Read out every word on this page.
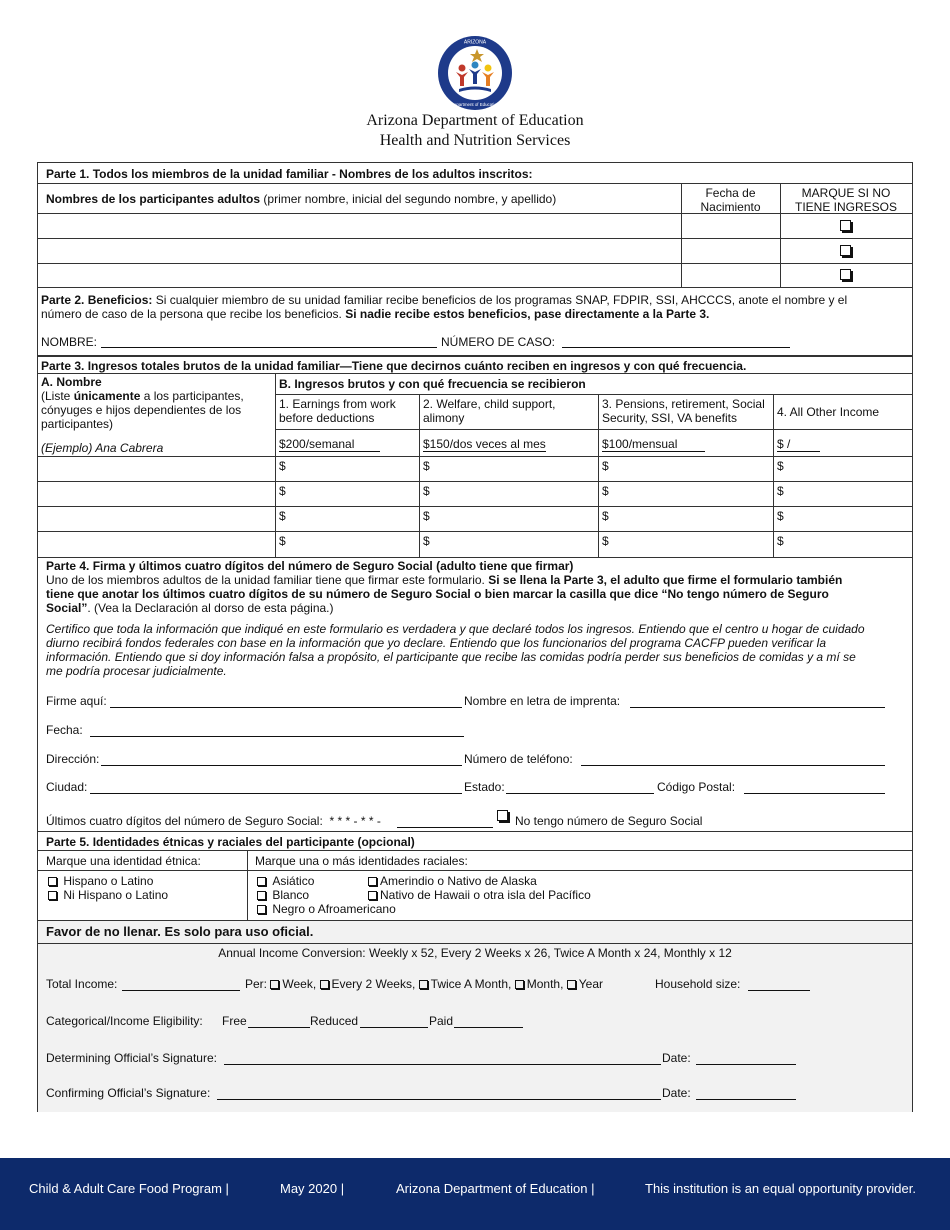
ARIZONA
Department of Education
Arizona Department of Education
Health and Nutrition Services
Parte 1. Todos los miembros de la unidad familiar - Nombres de los adultos inscritos:
Nombres de los participantes adultos (primer nombre, inicial del segundo nombre, y apellido)	Fecha de
Nacimiento
MARQUE SI NO
TIENE INGRESOS
Parte 2. Beneficios: Si cualquier miembro de su unidad familiar recibe beneficios de los programas SNAP, FDPIR, SSI, AHCCCS, anote el nombre y el
número de caso de la persona que recibe los beneficios. Si nadie recibe estos beneficios, pase directamente a la Parte 3.
NOMBRE:	NÚMERO DE CASO:
Parte 3. Ingresos totales brutos de la unidad familiar—Tiene que decirnos cuánto reciben en ingresos y con qué frecuencia.
A. Nombre
(Liste únicamente a los participantes,
cónyuges e hijos dependientes de los
participantes)
B. Ingresos brutos y con qué frecuencia se recibieron
1. Earnings from work
before deductions
2. Welfare, child support,
alimony
3. Pensions, retirement, Social
Security, SSI, VA benefits	4. All Other Income
(Ejemplo) Ana Cabrera	$200/semanal	$150/dos veces al mes	$100/mensual	$ /
$	$	$	$
$	$	$	$
$	$	$	$
$	$	$	$
Parte 4. Firma y últimos cuatro dígitos del número de Seguro Social (adulto tiene que firmar)
Uno de los miembros adultos de la unidad familiar tiene que firmar este formulario. Si se llena la Parte 3, el adulto que firme el formulario también
tiene que anotar los últimos cuatro dígitos de su número de Seguro Social o bien marcar la casilla que dice “No tengo número de Seguro
Social”. (Vea la Declaración al dorso de esta página.)
Certifico que toda la información que indiqué en este formulario es verdadera y que declaré todos los ingresos. Entiendo que el centro u hogar de cuidado
diurno recibirá fondos federales con base en la información que yo declare. Entiendo que los funcionarios del programa CACFP pueden verificar la
información. Entiendo que si doy información falsa a propósito, el participante que recibe las comidas podría perder sus beneficios de comidas y a mí se
me podría procesar judicialmente.
Firme aquí:	Nombre en letra de imprenta:
Fecha:
Dirección:	Número de teléfono:
Ciudad:	Estado:	Código Postal:
Últimos cuatro dígitos del número de Seguro Social: * * * - * * -	No tengo número de Seguro Social
Parte 5. Identidades étnicas y raciales del participante (opcional)
Marque una identidad étnica:	Marque una o más identidades raciales:
Hispano o Latino
Ni Hispano o Latino
Asiático
Blanco
Negro o Afroamericano
Amerindio o Nativo de Alaska
Nativo de Hawaii o otra isla del Pacífico
Favor de no llenar. Es solo para uso oficial.
Annual Income Conversion: Weekly x 52, Every 2 Weeks x 26, Twice A Month x 24, Monthly x 12
Total Income:	Per: Week, Every 2 Weeks, Twice A Month, Month, Year	Household size:
Categorical/Income Eligibility: Free	Reduced	Paid
Determining Official’s Signature:	Date:
Confirming Official’s Signature:	Date:
Child & Adult Care Food Program |	May 2020 |	Arizona Department of Education |	This institution is an equal opportunity provider.
